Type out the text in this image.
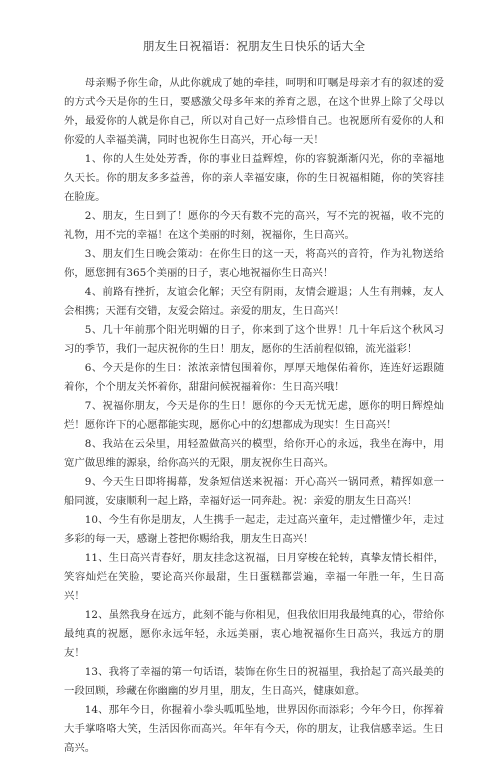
朋友生日祝福语：祝朋友生日快乐的话大全

母亲赐予你生命，从此你就成了她的牵挂，呵明和叮嘱是母亲才有的叙述的爱的方式今天是你的生日，要感激父母多年来的养育之恩，在这个世界上除了父母以外，最爱你的人就是你自己，所以对自己好一点珍惜自己。也祝愿所有爱你的人和你爱的人幸福美满，同时也祝你生日高兴，开心每一天！

1、你的人生处处芳香，你的事业日益辉煌，你的容貌渐渐闪光，你的幸福地久天长。你的朋友多多益善，你的亲人幸福安康，你的生日祝福相随，你的笑容挂在脸庞。

2、朋友，生日到了！愿你的今天有数不完的高兴，写不完的祝福，收不完的礼物，用不完的幸福！在这个美丽的时刻，祝福你，生日高兴。

3、朋友们生日晚会策动：在你生日的这一天，将高兴的音符，作为礼物送给你，愿您拥有365个美丽的日子，衷心地祝福你生日高兴！

4、前路有挫折，友谊会化解；天空有阴雨，友情会避退；人生有荆棘，友人会相携；天涯有交错，友爱会陪过。亲爱的朋友，生日高兴！

5、几十年前那个阳光明媚的日子，你来到了这个世界！几十年后这个秋风习习的季节，我们一起庆祝你的生日！朋友，愿你的生活前程似锦，流光溢彩！

6、今天是你的生日：浓浓亲情包围着你，厚厚天地保佑着你，连连好运跟随着你，个个朋友关怀着你，甜甜问候祝福着你：生日高兴哦！

7、祝福你朋友，今天是你的生日！愿你的今天无忧无虑，愿你的明日辉煌灿烂！愿你许下的心愿都能实现，愿你心中的幻想都成为现实！生日高兴！

8、我站在云朵里，用轻盈做高兴的模型，给你开心的永远，我坐在海中，用宽广做思维的源泉，给你高兴的无限，朋友祝你生日高兴。

9、今天生日即将揭幕，发条短信送来祝福：开心高兴一锅同煮，精挥如意一船同渡，安康顺利一起上路，幸福好运一同奔赴。祝：亲爱的朋友生日高兴！

10、今生有你是朋友，人生携手一起走，走过高兴童年，走过懵懂少年，走过多彩的每一天，感谢上苍把你赐给我，朋友生日高兴！

11、生日高兴青春好，朋友挂念这祝福，日月穿梭在轮转，真挚友情长相伴，笑容灿烂在笑脸，要论高兴你最甜，生日蛋糕都尝遍，幸福一年胜一年，生日高兴！

12、虽然我身在远方，此刻不能与你相见，但我依旧用我最纯真的心，带给你最纯真的祝愿，愿你永远年轻，永远美丽，衷心地祝福你生日高兴，我远方的朋友！

13、我将了幸福的第一句话语，装饰在你生日的祝福里，我拾起了高兴最美的一段回顾，珍藏在你幽幽的岁月里，朋友，生日高兴，健康如意。

14、那年今日，你握着小拳头呱呱坠地，世界因你而添彩；今年今日，你挥着大手掌咯咯大笑，生活因你而高兴。年年有今天，你的朋友，让我信感幸运。生日高兴。
